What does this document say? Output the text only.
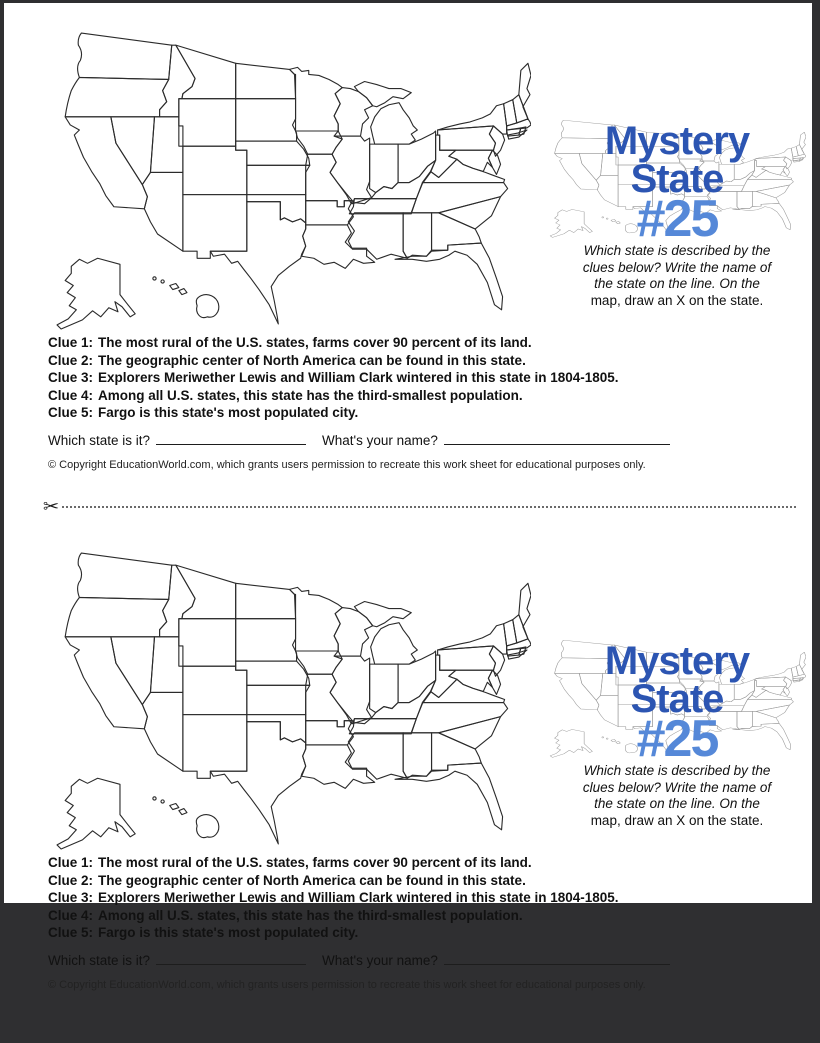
Mystery
State
#25
Which state is described by the
clues below? Write the name of
the state on the line. On the
map, draw an X on the state.
Clue 1: The most rural of the U.S. states, farms cover 90 percent of its land.
Clue 2: The geographic center of North America can be found in this state.
Clue 3: Explorers Meriwether Lewis and William Clark wintered in this state in 1804-1805.
Clue 4: Among all U.S. states, this state has the third-smallest population.
Clue 5: Fargo is this state's most populated city.
Which state is it?	What's your name?
© Copyright EducationWorld.com, which grants users permission to recreate this work sheet for educational purposes only.
✂
Mystery
State
#25
Which state is described by the
clues below? Write the name of
the state on the line. On the
map, draw an X on the state.
Clue 1: The most rural of the U.S. states, farms cover 90 percent of its land.
Clue 2: The geographic center of North America can be found in this state.
Clue 3: Explorers Meriwether Lewis and William Clark wintered in this state in 1804-1805.
Clue 4: Among all U.S. states, this state has the third-smallest population.
Clue 5: Fargo is this state's most populated city.
Which state is it?	What's your name?
© Copyright EducationWorld.com, which grants users permission to recreate this work sheet for educational purposes only.
